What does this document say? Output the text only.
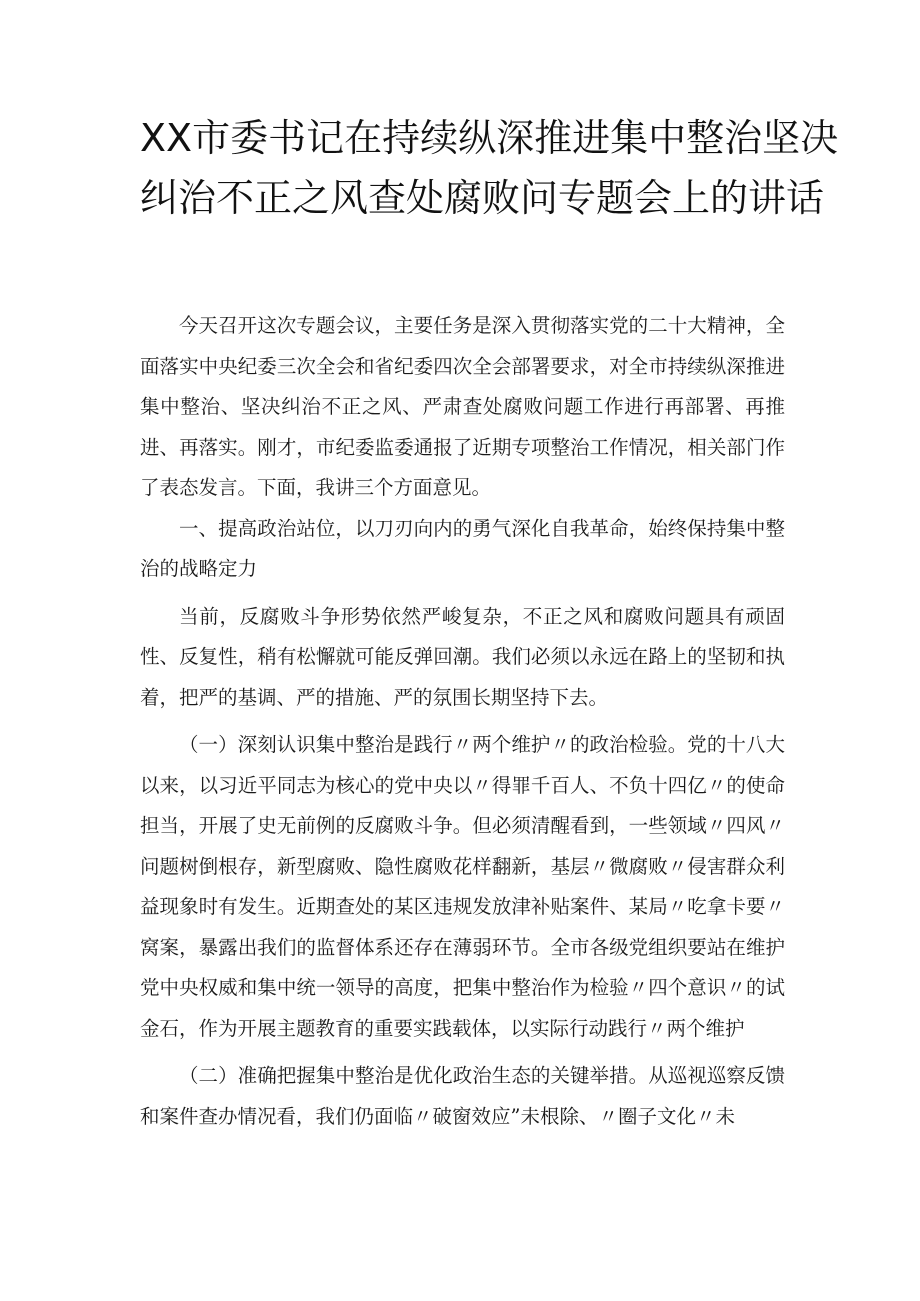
XX市委书记在持续纵深推进集中整治坚决
纠治不正之风查处腐败问专题会上的讲话

今天召开这次专题会议，主要任务是深入贯彻落实党的二十大精神，全面落实中央纪委三次全会和省纪委四次全会部署要求，对全市持续纵深推进集中整治、坚决纠治不正之风、严肃查处腐败问题工作进行再部署、再推进、再落实。刚才，市纪委监委通报了近期专项整治工作情况，相关部门作了表态发言。下面，我讲三个方面意见。

一、提高政治站位，以刀刃向内的勇气深化自我革命，始终保持集中整治的战略定力

当前，反腐败斗争形势依然严峻复杂，不正之风和腐败问题具有顽固性、反复性，稍有松懈就可能反弹回潮。我们必须以永远在路上的坚韧和执着，把严的基调、严的措施、严的氛围长期坚持下去。

（一）深刻认识集中整治是践行〃两个维护〃的政治检验。党的十八大以来，以习近平同志为核心的党中央以〃得罪千百人、不负十四亿〃的使命担当，开展了史无前例的反腐败斗争。但必须清醒看到，一些领域〃四风〃问题树倒根存，新型腐败、隐性腐败花样翻新，基层〃微腐败〃侵害群众利益现象时有发生。近期查处的某区违规发放津补贴案件、某局〃吃拿卡要〃窝案，暴露出我们的监督体系还存在薄弱环节。全市各级党组织要站在维护党中央权威和集中统一领导的高度，把集中整治作为检验〃四个意识〃的试金石，作为开展主题教育的重要实践载体，以实际行动践行〃两个维护

（二）准确把握集中整治是优化政治生态的关键举措。从巡视巡察反馈和案件查办情况看，我们仍面临〃破窗效应”未根除、〃圈子文化〃未
